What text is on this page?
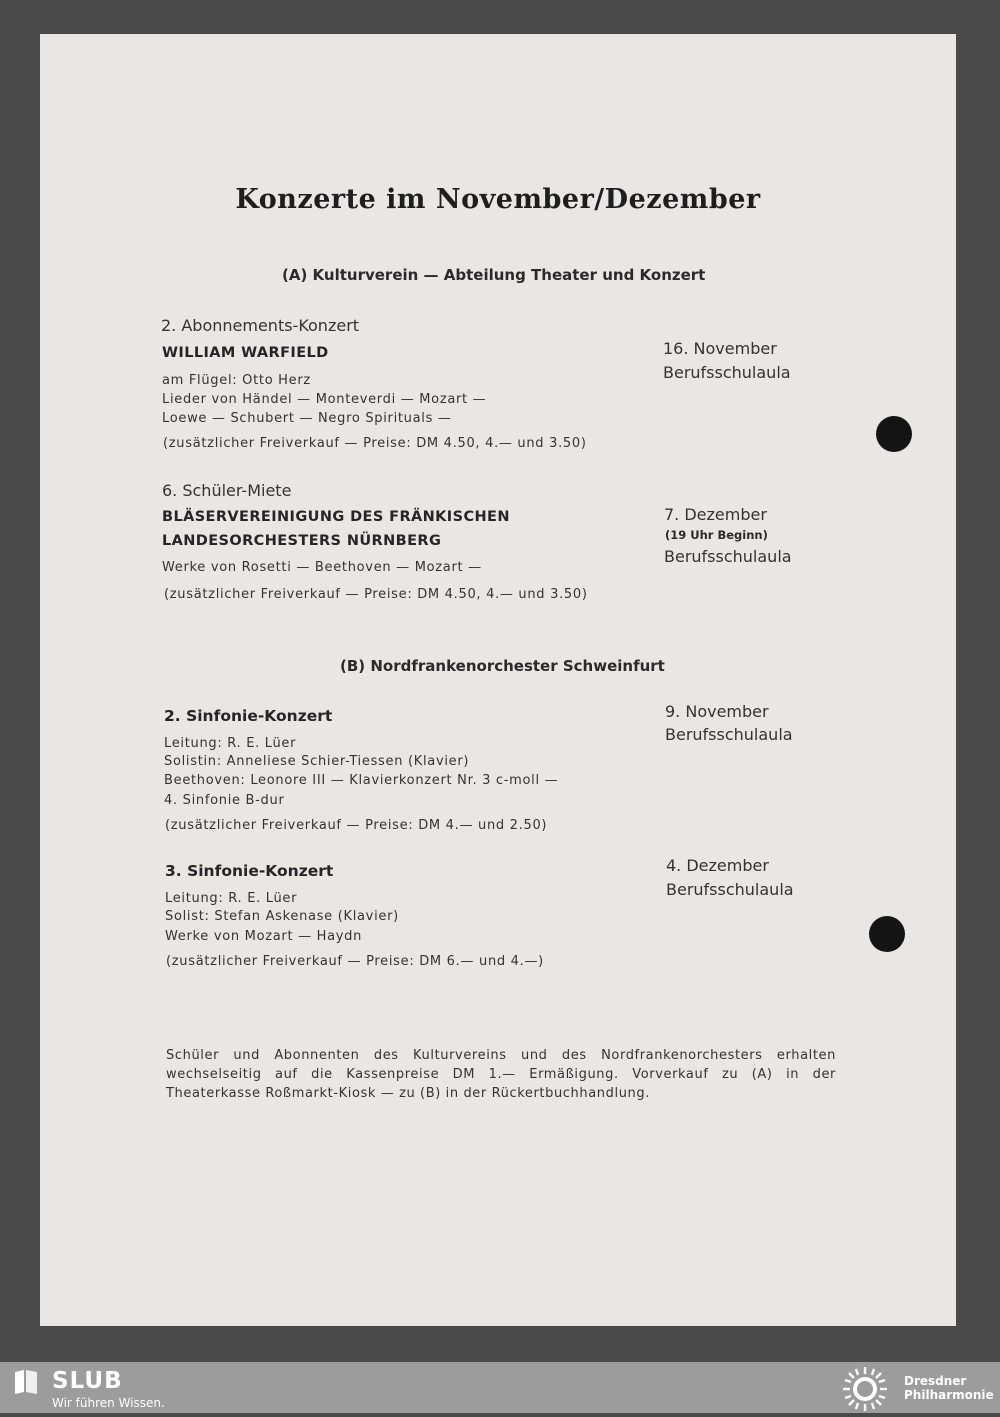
Konzerte im November/Dezember
(A) Kulturverein — Abteilung Theater und Konzert
2. Abonnements-Konzert
WILLIAM WARFIELD
am Flügel: Otto Herz
Lieder von Händel — Monteverdi — Mozart —
Loewe — Schubert — Negro Spirituals —
(zusätzlicher Freiverkauf — Preise: DM 4.50, 4.— und 3.50)
16. November
Berufsschulaula
6. Schüler-Miete
BLÄSERVEREINIGUNG DES FRÄNKISCHEN
LANDESORCHESTERS NÜRNBERG
Werke von Rosetti — Beethoven — Mozart —
(zusätzlicher Freiverkauf — Preise: DM 4.50, 4.— und 3.50)
7. Dezember
(19 Uhr Beginn)
Berufsschulaula
(B) Nordfrankenorchester Schweinfurt
2. Sinfonie-Konzert
Leitung: R. E. Lüer
Solistin: Anneliese Schier-Tiessen (Klavier)
Beethoven: Leonore III — Klavierkonzert Nr. 3 c-moll —
4. Sinfonie B-dur
(zusätzlicher Freiverkauf — Preise: DM 4.— und 2.50)
9. November
Berufsschulaula
3. Sinfonie-Konzert
Leitung: R. E. Lüer
Solist: Stefan Askenase (Klavier)
Werke von Mozart — Haydn
(zusätzlicher Freiverkauf — Preise: DM 6.— und 4.—)
4. Dezember
Berufsschulaula
Schüler und Abonnenten des Kulturvereins und des Nordfrankenorchesters erhalten wechselseitig auf die Kassenpreise DM 1.— Ermäßigung. Vorverkauf zu (A) in der Theaterkasse Roßmarkt-Kiosk — zu (B) in der Rückertbuchhandlung.
SLUB
Wir führen Wissen.
Dresdner Philharmonie
